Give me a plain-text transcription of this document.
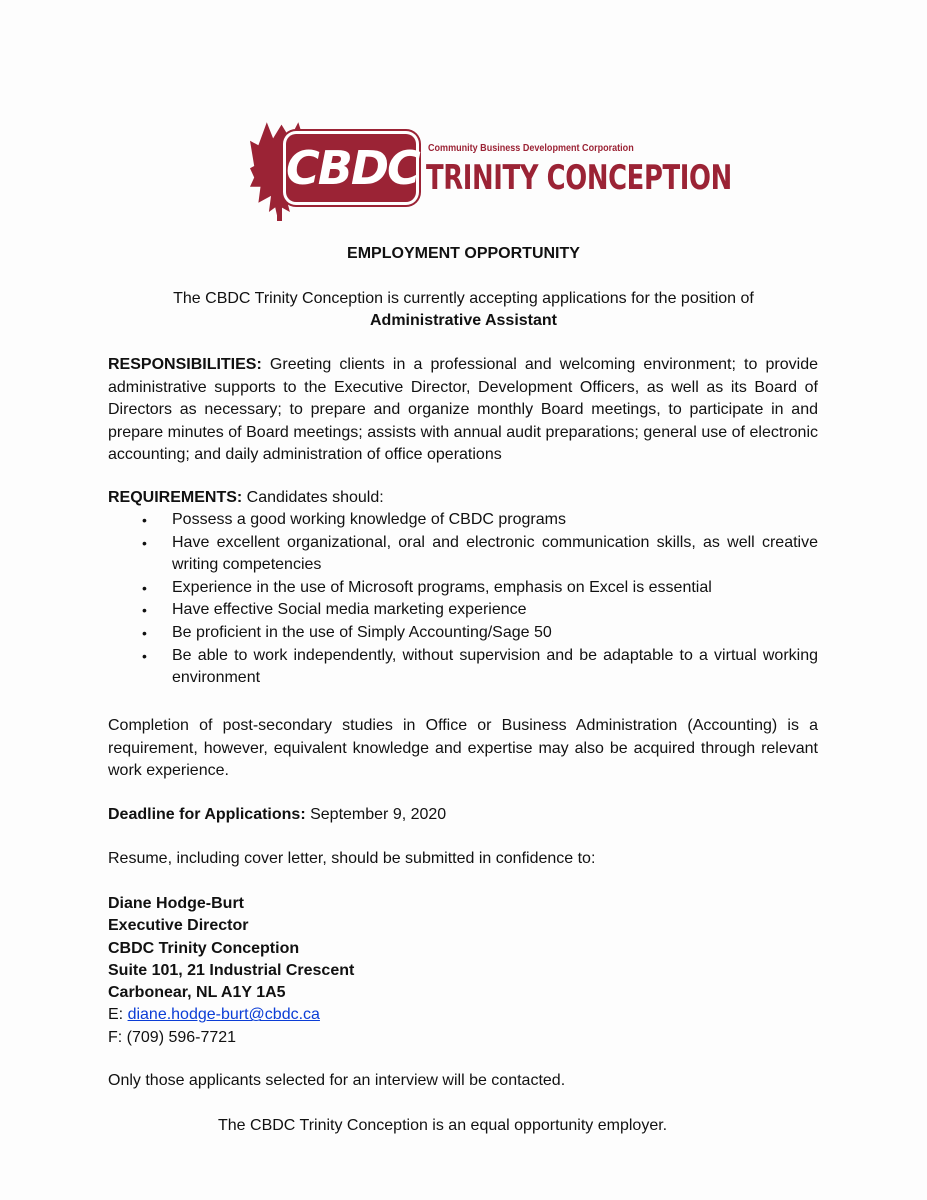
CBDC Community Business Development Corporation
TRINITY CONCEPTION
EMPLOYMENT OPPORTUNITY
The CBDC Trinity Conception is currently accepting applications for the position of
Administrative Assistant
RESPONSIBILITIES: Greeting clients in a professional and welcoming environment; to provide administrative supports to the Executive Director, Development Officers, as well as its Board of Directors as necessary; to prepare and organize monthly Board meetings, to participate in and prepare minutes of Board meetings; assists with annual audit preparations; general use of electronic accounting; and daily administration of office operations
REQUIREMENTS: Candidates should:
• Possess a good working knowledge of CBDC programs
• Have excellent organizational, oral and electronic communication skills, as well creative writing competencies
• Experience in the use of Microsoft programs, emphasis on Excel is essential
• Have effective Social media marketing experience
• Be proficient in the use of Simply Accounting/Sage 50
• Be able to work independently, without supervision and be adaptable to a virtual working environment
Completion of post-secondary studies in Office or Business Administration (Accounting) is a requirement, however, equivalent knowledge and expertise may also be acquired through relevant work experience.
Deadline for Applications: September 9, 2020
Resume, including cover letter, should be submitted in confidence to:
Diane Hodge-Burt
Executive Director
CBDC Trinity Conception
Suite 101, 21 Industrial Crescent
Carbonear, NL A1Y 1A5
E: diane.hodge-burt@cbdc.ca
F: (709) 596-7721
Only those applicants selected for an interview will be contacted.
The CBDC Trinity Conception is an equal opportunity employer.
